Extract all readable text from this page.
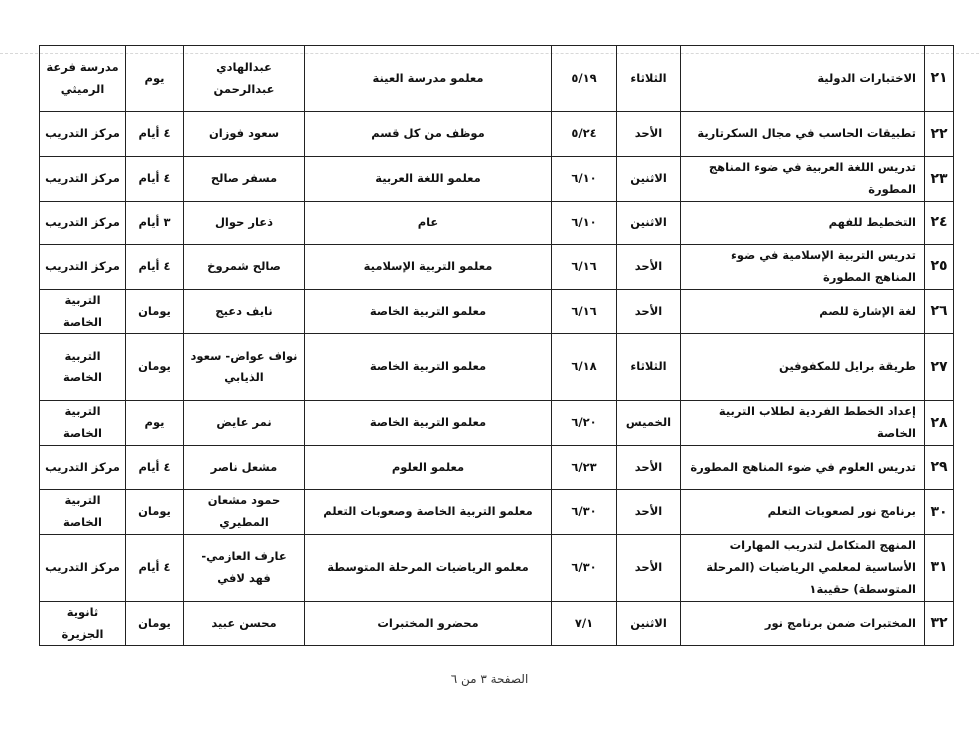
٢١	الاختبارات الدولية	الثلاثاء	٥/١٩	معلمو مدرسة العينة	عبدالهادي عبدالرحمن	يوم	مدرسة فرعة الرميثي
٢٢	تطبيقات الحاسب في مجال السكرتارية	الأحد	٥/٢٤	موظف من كل قسم	سعود فوزان	٤ أيام	مركز التدريب
٢٣	تدريس اللغة العربية في ضوء المناهج المطورة	الاثنين	٦/١٠	معلمو اللغة العربية	مسفر صالح	٤ أيام	مركز التدريب
٢٤	التخطيط للفهم	الاثنين	٦/١٠	عام	ذعار حوال	٣ أيام	مركز التدريب
٢٥	تدريس التربية الإسلامية في ضوء المناهج المطورة	الأحد	٦/١٦	معلمو التربية الإسلامية	صالح شمروخ	٤ أيام	مركز التدريب
٢٦	لغة الإشارة للصم	الأحد	٦/١٦	معلمو التربية الخاصة	نايف دعيج	يومان	التربية الخاصة
٢٧	طريقة برايل للمكفوفين	الثلاثاء	٦/١٨	معلمو التربية الخاصة	نواف عواض- سعود الذيابي	يومان	التربية الخاصة
٢٨	إعداد الخطط الفردية لطلاب التربية الخاصة	الخميس	٦/٢٠	معلمو التربية الخاصة	نمر عايض	يوم	التربية الخاصة
٢٩	تدريس العلوم في ضوء المناهج المطورة	الأحد	٦/٢٣	معلمو العلوم	مشعل ناصر	٤ أيام	مركز التدريب
٣٠	برنامج نور لصعوبات التعلم	الأحد	٦/٣٠	معلمو التربية الخاصة وصعوبات التعلم	حمود مشعان المطيري	يومان	التربية الخاصة
٣١	المنهج المتكامل لتدريب المهارات الأساسية لمعلمي الرياضيات (المرحلة المتوسطة) حقيبة١	الأحد	٦/٣٠	معلمو الرياضيات المرحلة المتوسطة	عارف العازمي- فهد لافي	٤ أيام	مركز التدريب
٣٢	المختبرات ضمن برنامج نور	الاثنين	٧/١	محضرو المختبرات	محسن عبيد	يومان	ثانوية الجزيرة
الصفحة ٣ من ٦
